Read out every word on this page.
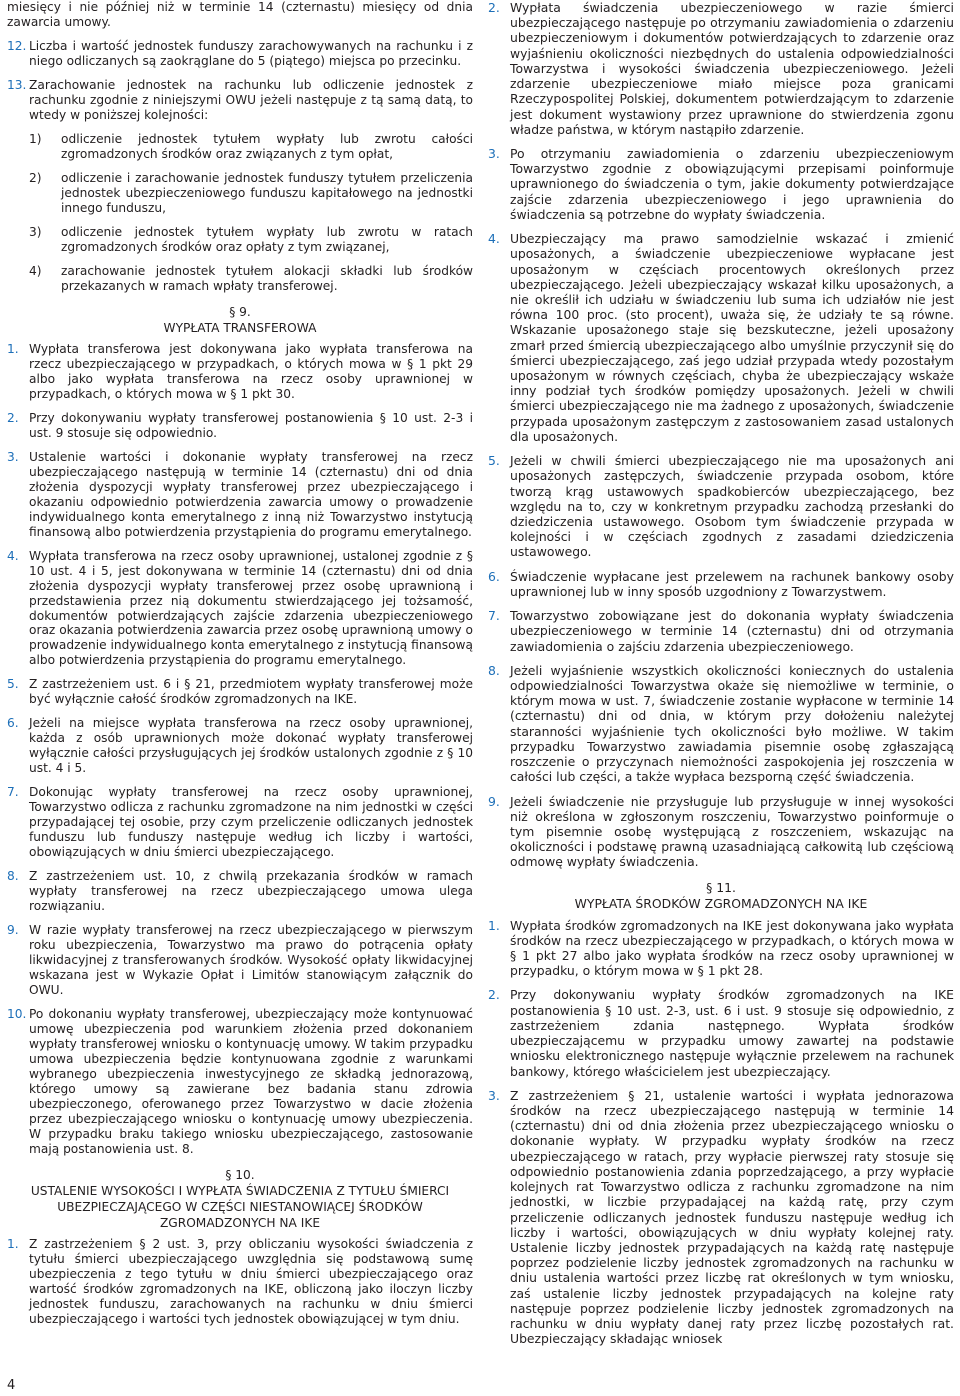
miesięcy i nie później niż w terminie 14 (czternastu) miesięcy od dnia zawarcia umowy.
12. Liczba i wartość jednostek funduszy zarachowywanych na rachunku i z niego odliczanych są zaokrąglane do 5 (piątego) miejsca po przecinku.
13. Zarachowanie jednostek na rachunku lub odliczenie jednostek z rachunku zgodnie z niniejszymi OWU jeżeli następuje z tą samą datą, to wtedy w poniższej kolejności:
1)	odliczenie jednostek tytułem wypłaty lub zwrotu całości zgromadzonych środków oraz związanych z tym opłat,
2)	odliczenie i zarachowanie jednostek funduszy tytułem przeliczenia jednostek ubezpieczeniowego funduszu kapitałowego na jednostki innego funduszu,
3)	odliczenie jednostek tytułem wypłaty lub zwrotu w ratach zgromadzonych środków oraz opłaty z tym związanej,
4)	zarachowanie jednostek tytułem alokacji składki lub środków przekazanych w ramach wpłaty transferowej.
§ 9.
WYPŁATA TRANSFEROWA
1. Wypłata transferowa jest dokonywana jako wypłata transferowa na rzecz ubezpieczającego w przypadkach, o których mowa w § 1 pkt 29 albo jako wypłata transferowa na rzecz osoby uprawnionej w przypadkach, o których mowa w § 1 pkt 30.
2. Przy dokonywaniu wypłaty transferowej postanowienia § 10 ust. 2-3 i ust. 9 stosuje się odpowiednio.
3. Ustalenie wartości i dokonanie wypłaty transferowej na rzecz ubezpieczającego następują w terminie 14 (czternastu) dni od dnia złożenia dyspozycji wypłaty transferowej przez ubezpieczającego i okazaniu odpowiednio potwierdzenia zawarcia umowy o prowadzenie indywidualnego konta emerytalnego z inną niż Towarzystwo instytucją finansową albo potwierdzenia przystąpienia do programu emerytalnego.
4. Wypłata transferowa na rzecz osoby uprawnionej, ustalonej zgodnie z § 10 ust. 4 i 5, jest dokonywana w terminie 14 (czternastu) dni od dnia złożenia dyspozycji wypłaty transferowej przez osobę uprawnioną i przedstawienia przez nią dokumentu stwierdzającego jej tożsamość, dokumentów potwierdzających zajście zdarzenia ubezpieczeniowego oraz okazania potwierdzenia zawarcia przez osobę uprawnioną umowy o prowadzenie indywidualnego konta emerytalnego z instytucją finansową albo potwierdzenia przystąpienia do programu emerytalnego.
5. Z zastrzeżeniem ust. 6 i § 21, przedmiotem wypłaty transferowej może być wyłącznie całość środków zgromadzonych na IKE.
6. Jeżeli na miejsce wypłata transferowa na rzecz osoby uprawnionej, każda z osób uprawnionych może dokonać wypłaty transferowej wyłącznie całości przysługujących jej środków ustalonych zgodnie z § 10 ust. 4 i 5.
7. Dokonując wypłaty transferowej na rzecz osoby uprawnionej, Towarzystwo odlicza z rachunku zgromadzone na nim jednostki w części przypadającej tej osobie, przy czym przeliczenie odliczanych jednostek funduszu lub funduszy następuje według ich liczby i wartości, obowiązujących w dniu śmierci ubezpieczającego.
8. Z zastrzeżeniem ust. 10, z chwilą przekazania środków w ramach wypłaty transferowej na rzecz ubezpieczającego umowa ulega rozwiązaniu.
9. W razie wypłaty transferowej na rzecz ubezpieczającego w pierwszym roku ubezpieczenia, Towarzystwo ma prawo do potrącenia opłaty likwidacyjnej z transferowanych środków. Wysokość opłaty likwidacyjnej wskazana jest w Wykazie Opłat i Limitów stanowiącym załącznik do OWU.
10. Po dokonaniu wypłaty transferowej, ubezpieczający może kontynuować umowę ubezpieczenia pod warunkiem złożenia przed dokonaniem wypłaty transferowej wniosku o kontynuację umowy. W takim przypadku umowa ubezpieczenia będzie kontynuowana zgodnie z warunkami wybranego ubezpieczenia inwestycyjnego ze składką jednorazową, którego umowy są zawierane bez badania stanu zdrowia ubezpieczonego, oferowanego przez Towarzystwo w dacie złożenia przez ubezpieczającego wniosku o kontynuację umowy ubezpieczenia. W przypadku braku takiego wniosku ubezpieczającego, zastosowanie mają postanowienia ust. 8.
§ 10.
USTALENIE WYSOKOŚCI I WYPŁATA ŚWIADCZENIA Z TYTUŁU ŚMIERCI UBEZPIECZAJĄCEGO W CZĘŚCI NIESTANOWIĄCEJ ŚRODKÓW ZGROMADZONYCH NA IKE
1. Z zastrzeżeniem § 2 ust. 3, przy obliczaniu wysokości świadczenia z tytułu śmierci ubezpieczającego uwzględnia się podstawową sumę ubezpieczenia z tego tytułu w dniu śmierci ubezpieczającego oraz wartość środków zgromadzonych na IKE, obliczoną jako iloczyn liczby jednostek funduszu, zarachowanych na rachunku w dniu śmierci ubezpieczającego i wartości tych jednostek obowiązującej w tym dniu.
2. Wypłata świadczenia ubezpieczeniowego w razie śmierci ubezpieczającego następuje po otrzymaniu zawiadomienia o zdarzeniu ubezpieczeniowym i dokumentów potwierdzających to zdarzenie oraz wyjaśnieniu okoliczności niezbędnych do ustalenia odpowiedzialności Towarzystwa i wysokości świadczenia ubezpieczeniowego. Jeżeli zdarzenie ubezpieczeniowe miało miejsce poza granicami Rzeczypospolitej Polskiej, dokumentem potwierdzającym to zdarzenie jest dokument wystawiony przez uprawnione do stwierdzenia zgonu władze państwa, w którym nastąpiło zdarzenie.
3. Po otrzymaniu zawiadomienia o zdarzeniu ubezpieczeniowym Towarzystwo zgodnie z obowiązującymi przepisami poinformuje uprawnionego do świadczenia o tym, jakie dokumenty potwierdzające zajście zdarzenia ubezpieczeniowego i jego uprawnienia do świadczenia są potrzebne do wypłaty świadczenia.
4. Ubezpieczający ma prawo samodzielnie wskazać i zmienić uposażonych, a świadczenie ubezpieczeniowe wypłacane jest uposażonym w częściach procentowych określonych przez ubezpieczającego. Jeżeli ubezpieczający wskazał kilku uposażonych, a nie określił ich udziału w świadczeniu lub suma ich udziałów nie jest równa 100 proc. (sto procent), uważa się, że udziały te są równe. Wskazanie uposażonego staje się bezskuteczne, jeżeli uposażony zmarł przed śmiercią ubezpieczającego albo umyślnie przyczynił się do śmierci ubezpieczającego, zaś jego udział przypada wtedy pozostałym uposażonym w równych częściach, chyba że ubezpieczający wskaże inny podział tych środków pomiędzy uposażonych. Jeżeli w chwili śmierci ubezpieczającego nie ma żadnego z uposażonych, świadczenie przypada uposażonym zastępczym z zastosowaniem zasad ustalonych dla uposażonych.
5. Jeżeli w chwili śmierci ubezpieczającego nie ma uposażonych ani uposażonych zastępczych, świadczenie przypada osobom, które tworzą krąg ustawowych spadkobierców ubezpieczającego, bez względu na to, czy w konkretnym przypadku zachodzą przesłanki do dziedziczenia ustawowego. Osobom tym świadczenie przypada w kolejności i w częściach zgodnych z zasadami dziedziczenia ustawowego.
6. Świadczenie wypłacane jest przelewem na rachunek bankowy osoby uprawnionej lub w inny sposób uzgodniony z Towarzystwem.
7. Towarzystwo zobowiązane jest do dokonania wypłaty świadczenia ubezpieczeniowego w terminie 14 (czternastu) dni od otrzymania zawiadomienia o zajściu zdarzenia ubezpieczeniowego.
8. Jeżeli wyjaśnienie wszystkich okoliczności koniecznych do ustalenia odpowiedzialności Towarzystwa okaże się niemożliwe w terminie, o którym mowa w ust. 7, świadczenie zostanie wypłacone w terminie 14 (czternastu) dni od dnia, w którym przy dołożeniu należytej staranności wyjaśnienie tych okoliczności było możliwe. W takim przypadku Towarzystwo zawiadamia pisemnie osobę zgłaszającą roszczenie o przyczynach niemożności zaspokojenia jej roszczenia w całości lub części, a także wypłaca bezsporną część świadczenia.
9. Jeżeli świadczenie nie przysługuje lub przysługuje w innej wysokości niż określona w zgłoszonym roszczeniu, Towarzystwo poinformuje o tym pisemnie osobę występującą z roszczeniem, wskazując na okoliczności i podstawę prawną uzasadniającą całkowitą lub częściową odmowę wypłaty świadczenia.
§ 11.
WYPŁATA ŚRODKÓW ZGROMADZONYCH NA IKE
1. Wypłata środków zgromadzonych na IKE jest dokonywana jako wypłata środków na rzecz ubezpieczającego w przypadkach, o których mowa w § 1 pkt 27 albo jako wypłata środków na rzecz osoby uprawnionej w przypadku, o którym mowa w § 1 pkt 28.
2. Przy dokonywaniu wypłaty środków zgromadzonych na IKE postanowienia § 10 ust. 2-3, ust. 6 i ust. 9 stosuje się odpowiednio, z zastrzeżeniem zdania następnego. Wypłata środków ubezpieczającemu w przypadku umowy zawartej na podstawie wniosku elektronicznego następuje wyłącznie przelewem na rachunek bankowy, którego właścicielem jest ubezpieczający.
3. Z zastrzeżeniem § 21, ustalenie wartości i wypłata jednorazowa środków na rzecz ubezpieczającego następują w terminie 14 (czternastu) dni od dnia złożenia przez ubezpieczającego wniosku o dokonanie wypłaty. W przypadku wypłaty środków na rzecz ubezpieczającego w ratach, przy wypłacie pierwszej raty stosuje się odpowiednio postanowienia zdania poprzedzającego, a przy wypłacie kolejnych rat Towarzystwo odlicza z rachunku zgromadzone na nim jednostki, w liczbie przypadającej na każdą ratę, przy czym przeliczenie odliczanych jednostek funduszu następuje według ich liczby i wartości, obowiązujących w dniu wypłaty kolejnej raty. Ustalenie liczby jednostek przypadających na każdą ratę następuje poprzez podzielenie liczby jednostek zgromadzonych na rachunku w dniu ustalenia wartości przez liczbę rat określonych w tym wniosku, zaś ustalenie liczby jednostek przypadających na kolejne raty następuje poprzez podzielenie liczby jednostek zgromadzonych na rachunku w dniu wypłaty danej raty przez liczbę pozostałych rat. Ubezpieczający składając wniosek
4
